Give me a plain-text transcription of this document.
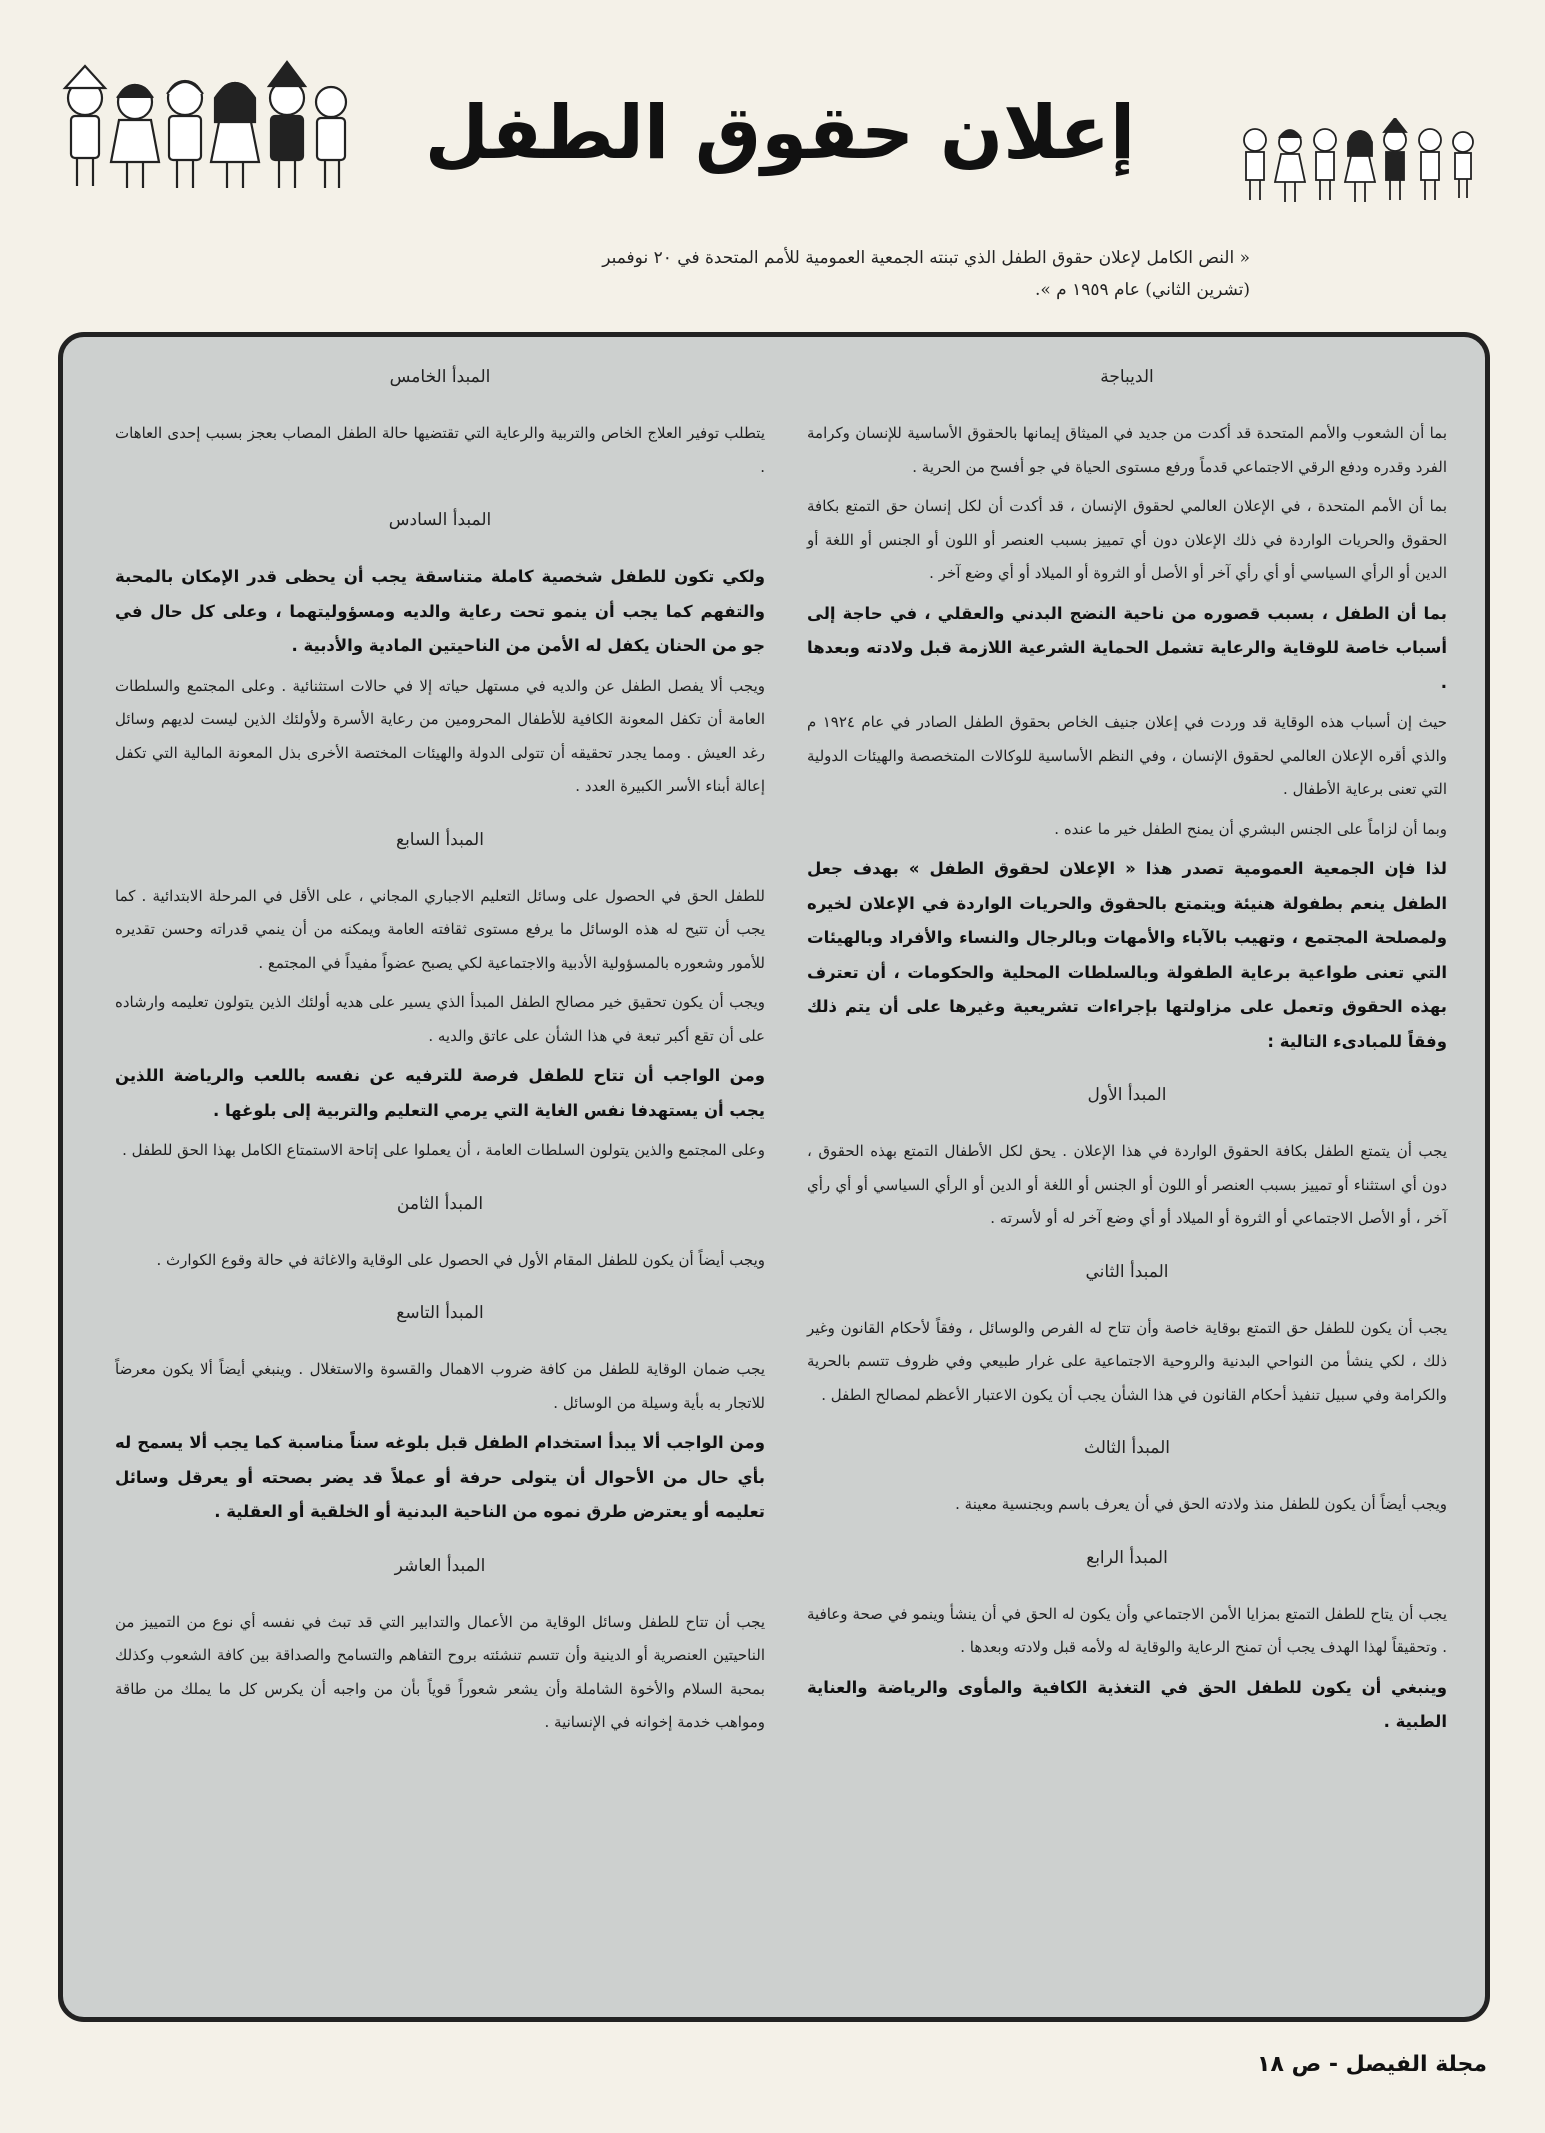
إعلان حقوق الطفل
« النص الكامل لإعلان حقوق الطفل الذي تبنته الجمعية العمومية للأمم المتحدة في ٢٠ نوفمبر
(تشرين الثاني) عام ١٩٥٩ م ».
الديباجة

بما أن الشعوب والأمم المتحدة قد أكدت من جديد في الميثاق إيمانها بالحقوق الأساسية للإنسان وكرامة الفرد وقدره ودفع الرقي الاجتماعي قدماً ورفع مستوى الحياة في جو أفسح من الحرية .

بما أن الأمم المتحدة ، في الإعلان العالمي لحقوق الإنسان ، قد أكدت أن لكل إنسان حق التمتع بكافة الحقوق والحريات الواردة في ذلك الإعلان دون أي تمييز بسبب العنصر أو اللون أو الجنس أو اللغة أو الدين أو الرأي السياسي أو أي رأي آخر أو الأصل أو الثروة أو الميلاد أو أي وضع آخر .

بما أن الطفل ، بسبب قصوره من ناحية النضج البدني والعقلي ، في حاجة إلى أسباب خاصة للوقاية والرعاية تشمل الحماية الشرعية اللازمة قبل ولادته وبعدها .

حيث إن أسباب هذه الوقاية قد وردت في إعلان جنيف الخاص بحقوق الطفل الصادر في عام ١٩٢٤ م والذي أقره الإعلان العالمي لحقوق الإنسان ، وفي النظم الأساسية للوكالات المتخصصة والهيئات الدولية التي تعنى برعاية الأطفال .

وبما أن لزاماً على الجنس البشري أن يمنح الطفل خير ما عنده .

لذا فإن الجمعية العمومية تصدر هذا « الإعلان لحقوق الطفل » بهدف جعل الطفل ينعم بطفولة هنيئة ويتمتع بالحقوق والحريات الواردة في الإعلان لخيره ولمصلحة المجتمع ، وتهيب بالآباء والأمهات وبالرجال والنساء والأفراد وبالهيئات التي تعنى طواعية برعاية الطفولة وبالسلطات المحلية والحكومات ، أن تعترف بهذه الحقوق وتعمل على مزاولتها بإجراءات تشريعية وغيرها على أن يتم ذلك وفقاً للمبادىء التالية :

المبدأ الأول

يجب أن يتمتع الطفل بكافة الحقوق الواردة في هذا الإعلان . يحق لكل الأطفال التمتع بهذه الحقوق ، دون أي استثناء أو تمييز بسبب العنصر أو اللون أو الجنس أو اللغة أو الدين أو الرأي السياسي أو أي رأي آخر ، أو الأصل الاجتماعي أو الثروة أو الميلاد أو أي وضع آخر له أو لأسرته .

المبدأ الثاني

يجب أن يكون للطفل حق التمتع بوقاية خاصة وأن تتاح له الفرص والوسائل ، وفقاً لأحكام القانون وغير ذلك ، لكي ينشأ من النواحي البدنية والروحية الاجتماعية على غرار طبيعي وفي ظروف تتسم بالحرية والكرامة وفي سبيل تنفيذ أحكام القانون في هذا الشأن يجب أن يكون الاعتبار الأعظم لمصالح الطفل .

المبدأ الثالث

ويجب أيضاً أن يكون للطفل منذ ولادته الحق في أن يعرف باسم وبجنسية معينة .

المبدأ الرابع

يجب أن يتاح للطفل التمتع بمزايا الأمن الاجتماعي وأن يكون له الحق في أن ينشأ وينمو في صحة وعافية . وتحقيقاً لهذا الهدف يجب أن تمنح الرعاية والوقاية له ولأمه قبل ولادته وبعدها .

وينبغي أن يكون للطفل الحق في التغذية الكافية والمأوى والرياضة والعناية الطبية .

المبدأ الخامس

يتطلب توفير العلاج الخاص والتربية والرعاية التي تقتضيها حالة الطفل المصاب بعجز بسبب إحدى العاهات .

المبدأ السادس

ولكي تكون للطفل شخصية كاملة متناسقة يجب أن يحظى قدر الإمكان بالمحبة والتفهم كما يجب أن ينمو تحت رعاية والديه ومسؤوليتهما ، وعلى كل حال في جو من الحنان يكفل له الأمن من الناحيتين المادية والأدبية .

ويجب ألا يفصل الطفل عن والديه في مستهل حياته إلا في حالات استثنائية . وعلى المجتمع والسلطات العامة أن تكفل المعونة الكافية للأطفال المحرومين من رعاية الأسرة ولأولئك الذين ليست لديهم وسائل رغد العيش . ومما يجدر تحقيقه أن تتولى الدولة والهيئات المختصة الأخرى بذل المعونة المالية التي تكفل إعالة أبناء الأسر الكبيرة العدد .

المبدأ السابع

للطفل الحق في الحصول على وسائل التعليم الاجباري المجاني ، على الأقل في المرحلة الابتدائية . كما يجب أن تتيح له هذه الوسائل ما يرفع مستوى ثقافته العامة ويمكنه من أن ينمي قدراته وحسن تقديره للأمور وشعوره بالمسؤولية الأدبية والاجتماعية لكي يصبح عضواً مفيداً في المجتمع .

ويجب أن يكون تحقيق خير مصالح الطفل المبدأ الذي يسير على هديه أولئك الذين يتولون تعليمه وارشاده على أن تقع أكبر تبعة في هذا الشأن على عاتق والديه .

ومن الواجب أن تتاح للطفل فرصة للترفيه عن نفسه باللعب والرياضة اللذين يجب أن يستهدفا نفس الغاية التي يرمي التعليم والتربية إلى بلوغها .

وعلى المجتمع والذين يتولون السلطات العامة ، أن يعملوا على إتاحة الاستمتاع الكامل بهذا الحق للطفل .

المبدأ الثامن

ويجب أيضاً أن يكون للطفل المقام الأول في الحصول على الوقاية والاغاثة في حالة وقوع الكوارث .

المبدأ التاسع

يجب ضمان الوقاية للطفل من كافة ضروب الاهمال والقسوة والاستغلال . وينبغي أيضاً ألا يكون معرضاً للاتجار به بأية وسيلة من الوسائل .

ومن الواجب ألا يبدأ استخدام الطفل قبل بلوغه سناً مناسبة كما يجب ألا يسمح له بأي حال من الأحوال أن يتولى حرفة أو عملاً قد يضر بصحته أو يعرقل وسائل تعليمه أو يعترض طرق نموه من الناحية البدنية أو الخلقية أو العقلية .

المبدأ العاشر

يجب أن تتاح للطفل وسائل الوقاية من الأعمال والتدابير التي قد تبث في نفسه أي نوع من التمييز من الناحيتين العنصرية أو الدينية وأن تتسم تنشئته بروح التفاهم والتسامح والصداقة بين كافة الشعوب وكذلك بمحبة السلام والأخوة الشاملة وأن يشعر شعوراً قوياً بأن من واجبه أن يكرس كل ما يملك من طاقة ومواهب خدمة إخوانه في الإنسانية .

مجلة الفيصل - ص ١٨
